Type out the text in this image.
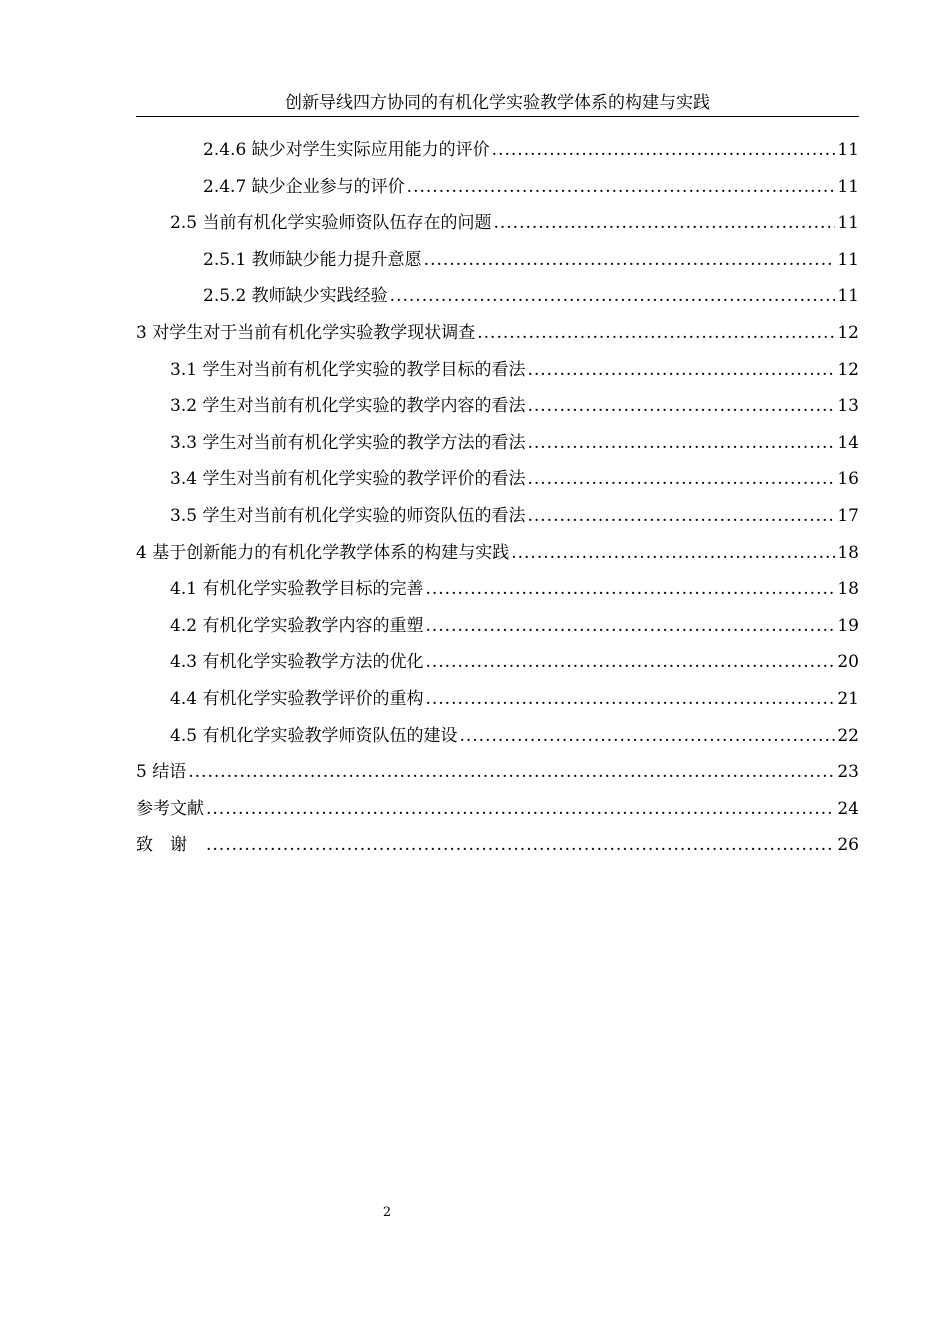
创新导线四方协同的有机化学实验教学体系的构建与实践
2.4.6 缺少对学生实际应用能力的评价 .....	11
2.4.7 缺少企业参与的评价 .....	11
2.5 当前有机化学实验师资队伍存在的问题 .....	11
2.5.1 教师缺少能力提升意愿 .....	11
2.5.2 教师缺少实践经验 .....	11
3 对学生对于当前有机化学实验教学现状调查 .....	12
3.1 学生对当前有机化学实验的教学目标的看法 .....	12
3.2 学生对当前有机化学实验的教学内容的看法 .....	13
3.3 学生对当前有机化学实验的教学方法的看法 .....	14
3.4 学生对当前有机化学实验的教学评价的看法 .....	16
3.5 学生对当前有机化学实验的师资队伍的看法 .....	17
4 基于创新能力的有机化学教学体系的构建与实践 .....	18
4.1 有机化学实验教学目标的完善 .....	18
4.2 有机化学实验教学内容的重塑 .....	19
4.3 有机化学实验教学方法的优化 .....	20
4.4 有机化学实验教学评价的重构 .....	21
4.5 有机化学实验教学师资队伍的建设 .....	22
5 结语 .....	23
参考文献 .....	24
致谢 .....	26
2
